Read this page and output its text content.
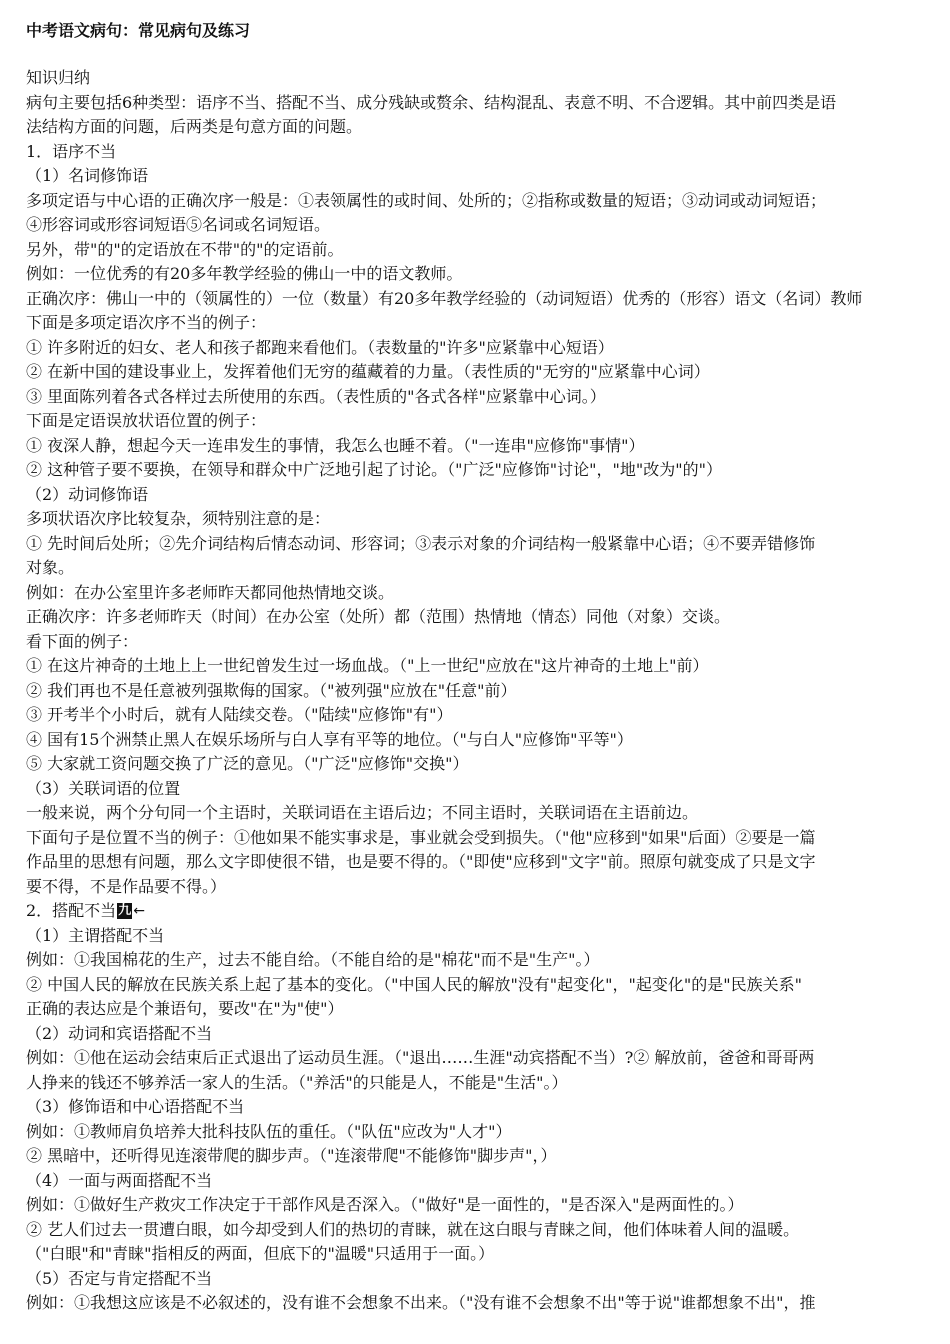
中考语文病句：常见病句及练习
知识归纳
病句主要包括6种类型：语序不当、搭配不当、成分残缺或赘余、结构混乱、表意不明、不合逻辑。其中前四类是语
法结构方面的问题，后两类是句意方面的问题。
1．语序不当
（1）名词修饰语
多项定语与中心语的正确次序一般是：①表领属性的或时间、处所的；②指称或数量的短语；③动词或动词短语；
④形容词或形容词短语⑤名词或名词短语。
另外，带"的"的定语放在不带"的"的定语前。
例如：一位优秀的有20多年教学经验的佛山一中的语文教师。
正确次序：佛山一中的（领属性的）一位（数量）有20多年教学经验的（动词短语）优秀的（形容）语文（名词）教师
下面是多项定语次序不当的例子：
① 许多附近的妇女、老人和孩子都跑来看他们。（表数量的"许多"应紧靠中心短语）
② 在新中国的建设事业上，发挥着他们无穷的蕴藏着的力量。（表性质的"无穷的"应紧靠中心词）
③ 里面陈列着各式各样过去所使用的东西。（表性质的"各式各样"应紧靠中心词。）
下面是定语误放状语位置的例子：
① 夜深人静，想起今天一连串发生的事情，我怎么也睡不着。（"一连串"应修饰"事情"）
② 这种管子要不要换，在领导和群众中广泛地引起了讨论。（"广泛"应修饰"讨论"，"地"改为"的"）
（2）动词修饰语
多项状语次序比较复杂，须特别注意的是：
① 先时间后处所；②先介词结构后情态动词、形容词；③表示对象的介词结构一般紧靠中心语；④不要弄错修饰
对象。
例如：在办公室里许多老师昨天都同他热情地交谈。
正确次序：许多老师昨天（时间）在办公室（处所）都（范围）热情地（情态）同他（对象）交谈。
看下面的例子：
① 在这片神奇的土地上上一世纪曾发生过一场血战。（"上一世纪"应放在"这片神奇的土地上"前）
② 我们再也不是任意被列强欺侮的国家。（"被列强"应放在"任意"前）
③ 开考半个小时后，就有人陆续交卷。（"陆续"应修饰"有"）
④ 国有15个洲禁止黑人在娱乐场所与白人享有平等的地位。（"与白人"应修饰"平等"）
⑤ 大家就工资问题交换了广泛的意见。（"广泛"应修饰"交换"）
（3）关联词语的位置
一般来说，两个分句同一个主语时，关联词语在主语后边；不同主语时，关联词语在主语前边。
下面句子是位置不当的例子：①他如果不能实事求是，事业就会受到损失。（"他"应移到"如果"后面）②要是一篇
作品里的思想有问题，那么文字即使很不错，也是要不得的。（"即使"应移到"文字"前。照原句就变成了只是文字
要不得，不是作品要不得。）
2．搭配不当 九 ←
（1）主谓搭配不当
例如：①我国棉花的生产，过去不能自给。（不能自给的是"棉花"而不是"生产"。）
② 中国人民的解放在民族关系上起了基本的变化。（"中国人民的解放"没有"起变化"，"起变化"的是"民族关系"
正确的表达应是个兼语句，要改"在"为"使"）
（2）动词和宾语搭配不当
例如：①他在运动会结束后正式退出了运动员生涯。（"退出……生涯"动宾搭配不当）?② 解放前，爸爸和哥哥两
人挣来的钱还不够养活一家人的生活。（"养活"的只能是人，不能是"生活"。）
（3）修饰语和中心语搭配不当
例如：①教师肩负培养大批科技队伍的重任。（"队伍"应改为"人才"）
② 黑暗中，还听得见连滚带爬的脚步声。（"连滚带爬"不能修饰"脚步声"，）
（4）一面与两面搭配不当
例如：①做好生产救灾工作决定于干部作风是否深入。（"做好"是一面性的，"是否深入"是两面性的。）
② 艺人们过去一贯遭白眼，如今却受到人们的热切的青睐，就在这白眼与青睐之间，他们体味着人间的温暖。
（"白眼"和"青睐"指相反的两面，但底下的"温暖"只适用于一面。）
（5）否定与肯定搭配不当
例如：①我想这应该是不必叙述的，没有谁不会想象不出来。（"没有谁不会想象不出"等于说"谁都想象不出"，推
